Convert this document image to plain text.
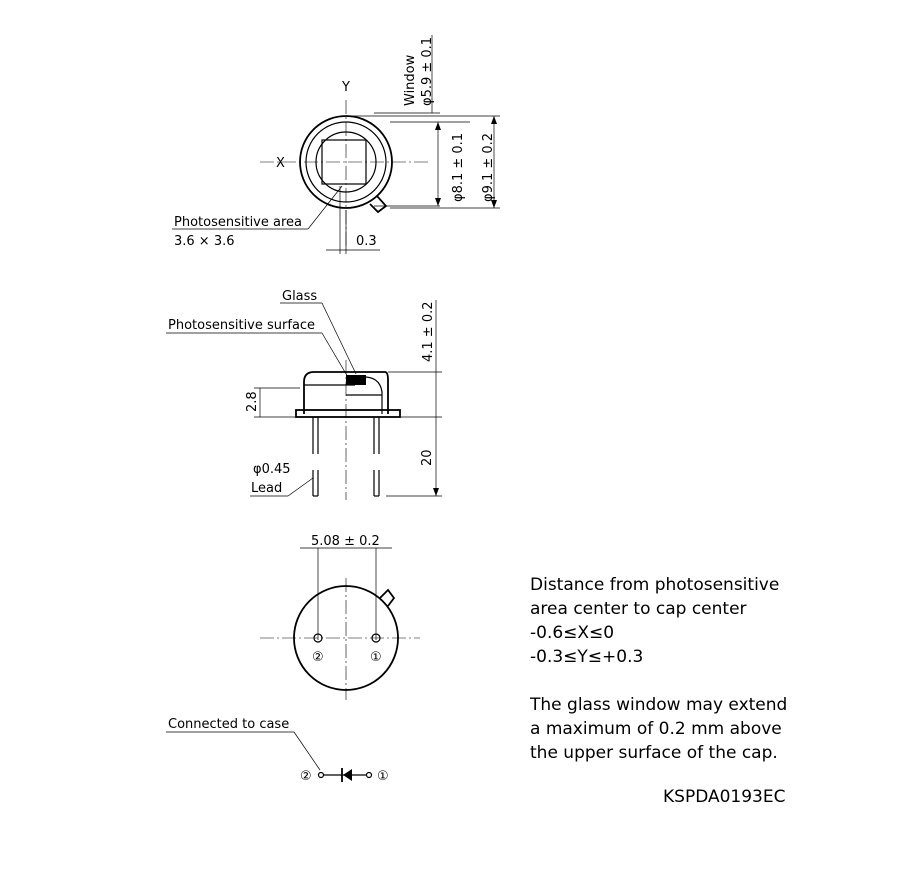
Y
X
Window φ5.9 ± 0.1
φ8.1 ± 0.1 φ9.1 ± 0.2
Photosensitive area
3.6 × 3.6	0.3
Glass
Photosensitive surface	4.1 ± 0.2
2.8
20
φ0.45
Lead
5.08 ± 0.2
②	①
Connected to case
②	①
Distance from photosensitive
area center to cap center
-0.6≤X≤0
-0.3≤Y≤+0.3
The glass window may extend
a maximum of 0.2 mm above
the upper surface of the cap.
KSPDA0193EC
